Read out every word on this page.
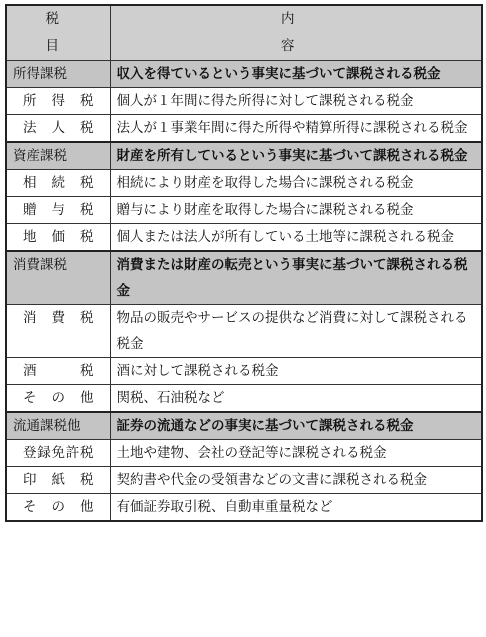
税 目	内 容
所得課税	収入を得ているという事実に基づいて課税される税金
所得税	個人が１年間に得た所得に対して課税される税金
法人税	法人が１事業年間に得た所得や精算所得に課税される税金
資産課税	財産を所有しているという事実に基づいて課税される税金
相続税	相続により財産を取得した場合に課税される税金
贈与税	贈与により財産を取得した場合に課税される税金
地価税	個人または法人が所有している土地等に課税される税金
消費課税	消費または財産の転売という事実に基づいて課税される税金
消費税	物品の販売やサービスの提供など消費に対して課税される税金
酒税	酒に対して課税される税金
その他	関税、石油税など
流通課税他	証券の流通などの事実に基づいて課税される税金
登録免許税	土地や建物、会社の登記等に課税される税金
印紙税	契約書や代金の受領書などの文書に課税される税金
その他	有価証券取引税、自動車重量税など
